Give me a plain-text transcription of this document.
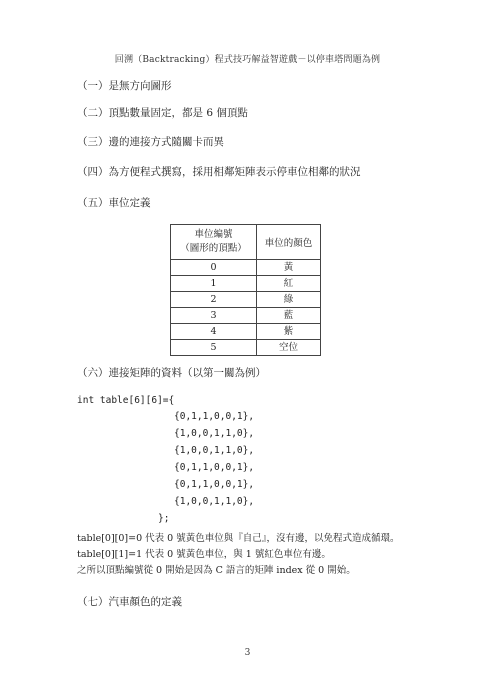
回溯（Backtracking）程式技巧解益智遊戲－以停車塔問題為例
（一）是無方向圖形
（二）頂點數量固定，都是 6 個頂點
（三）邊的連接方式隨關卡而異
（四）為方便程式撰寫，採用相鄰矩陣表示停車位相鄰的狀況
（五）車位定義
車位編號
（圖形的頂點）	車位的顏色
0	黃
1	紅
2	綠
3	藍
4	紫
5	空位
（六）連接矩陣的資料（以第一關為例）
int table[6][6]={
{0,1,1,0,0,1},
{1,0,0,1,1,0},
{1,0,0,1,1,0},
{0,1,1,0,0,1},
{0,1,1,0,0,1},
{1,0,0,1,1,0},
};
table[0][0]=0 代表 0 號黃色車位與『自己』，沒有邊，以免程式造成循環。
table[0][1]=1 代表 0 號黃色車位，與 1 號紅色車位有邊。
之所以頂點編號從 0 開始是因為 C 語言的矩陣 index 從 0 開始。
（七）汽車顏色的定義
3
